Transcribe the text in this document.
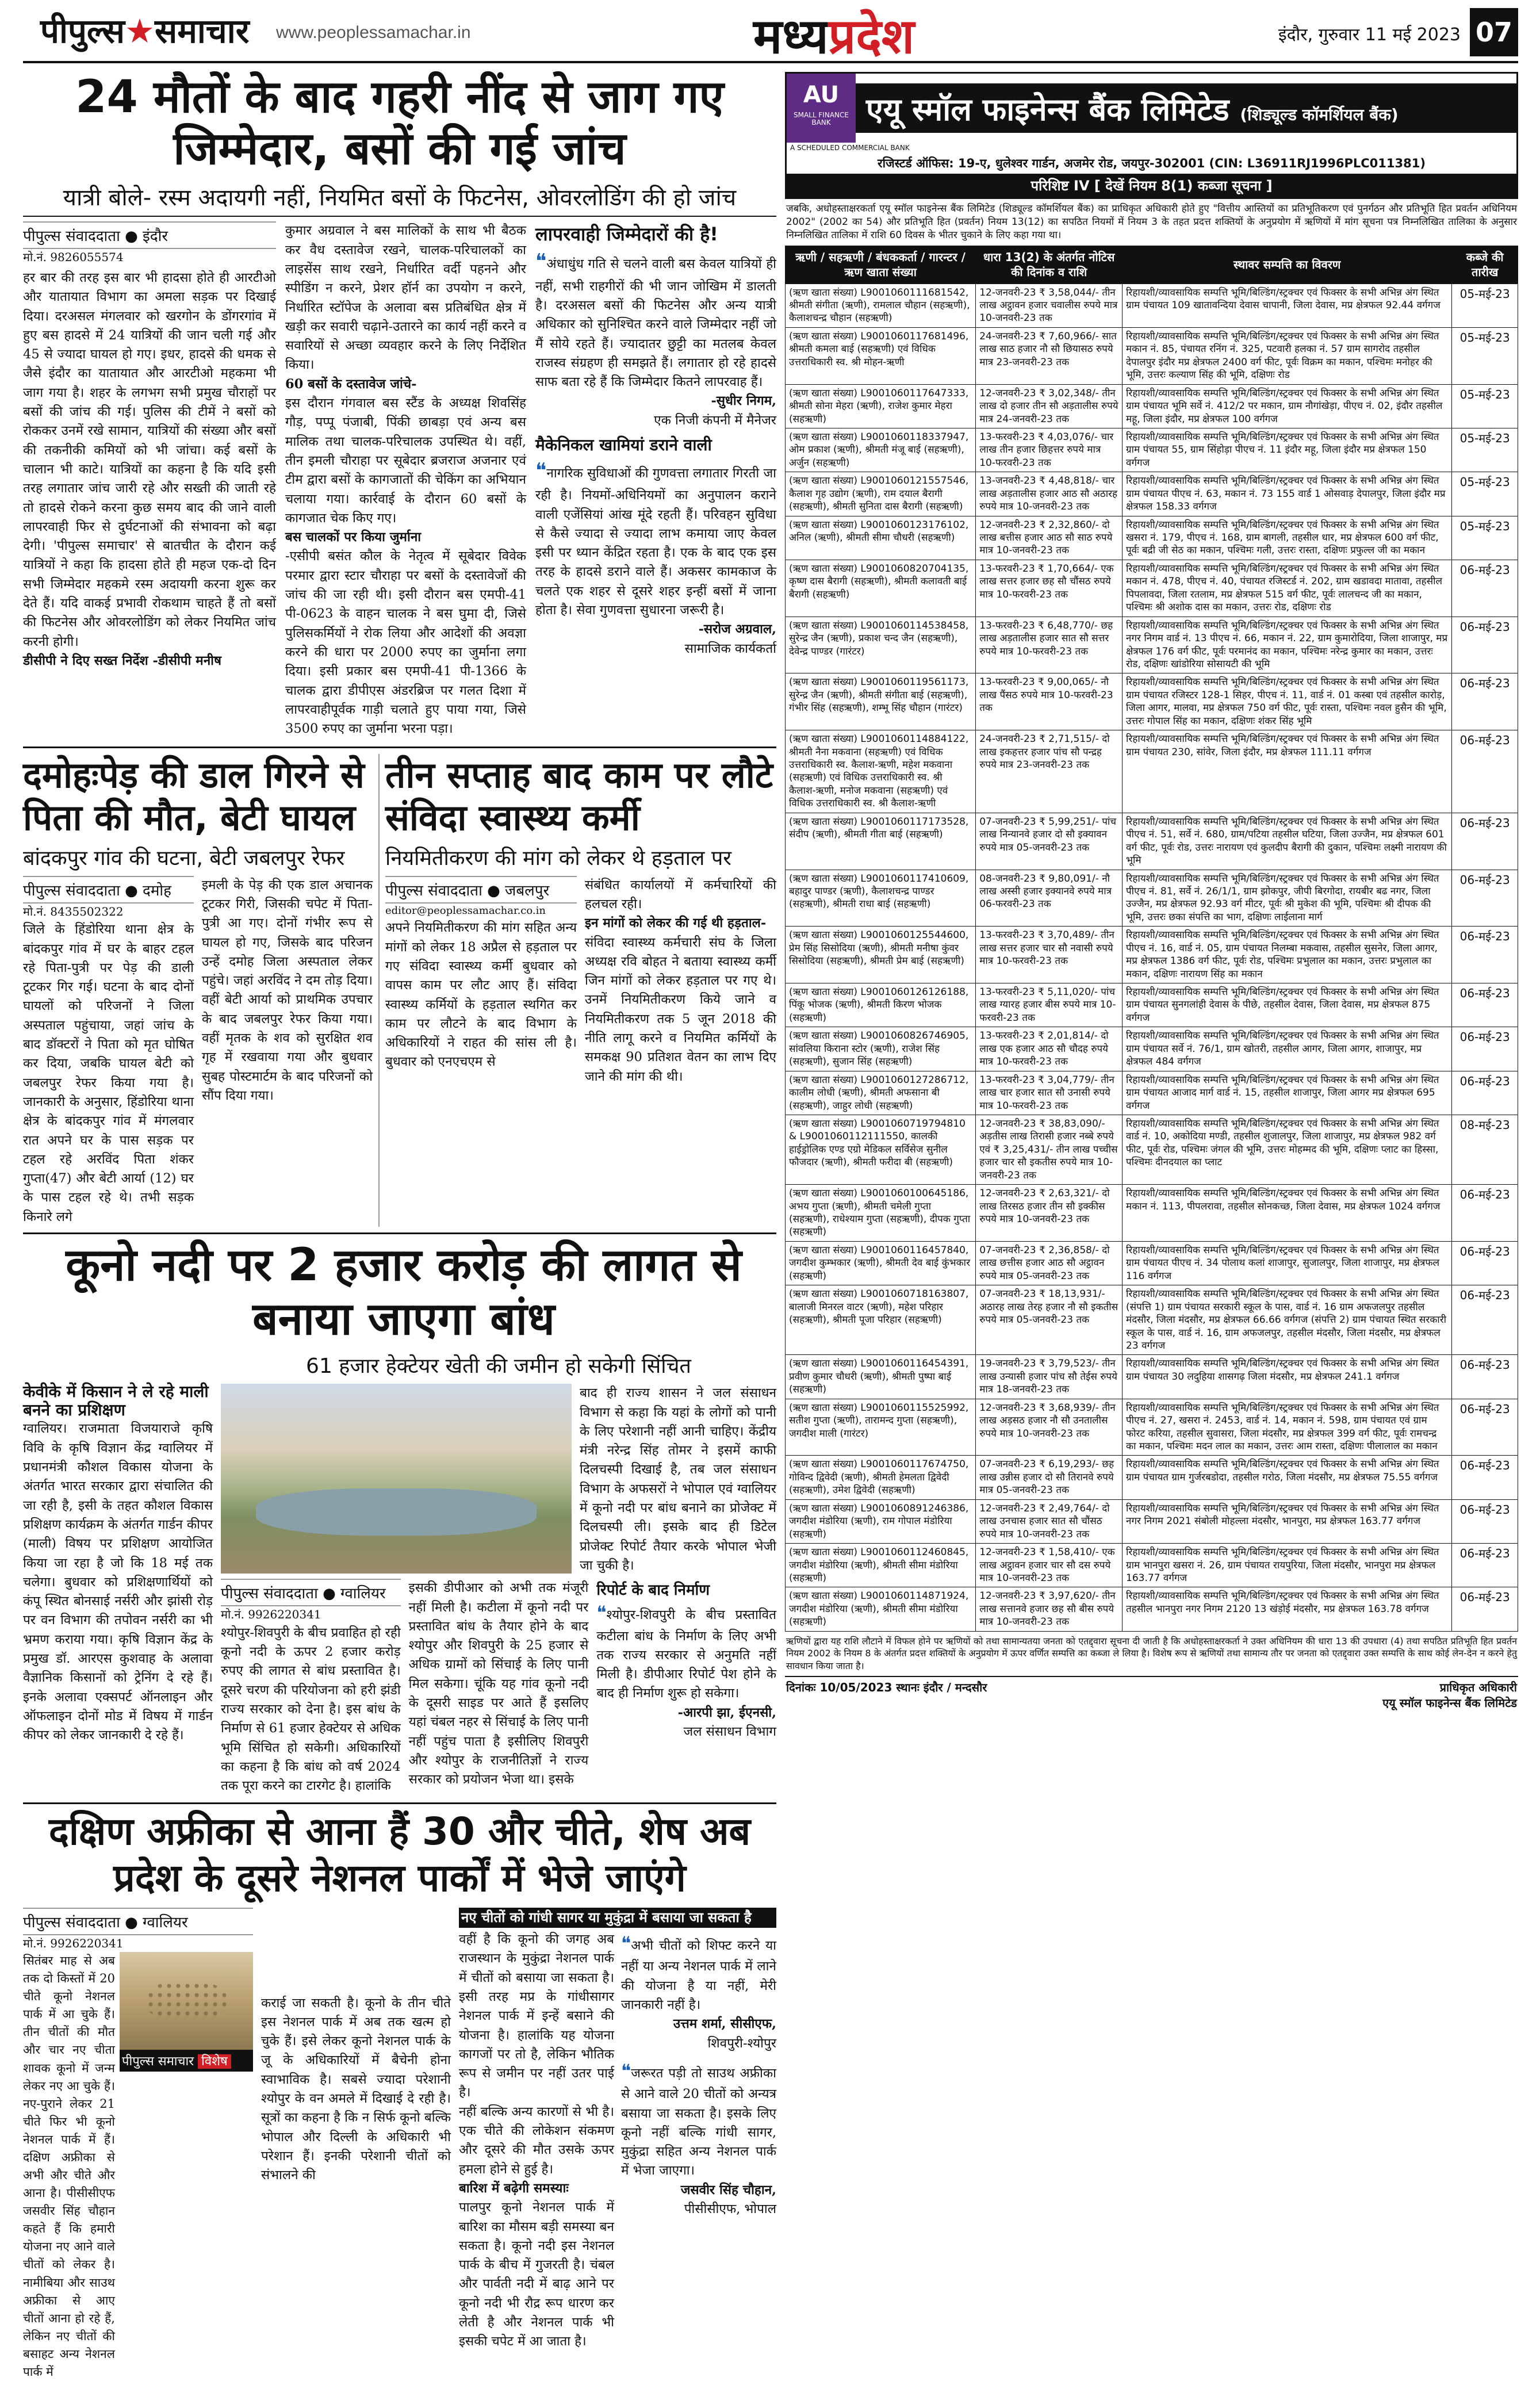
पीपुल्स★समाचार www.peoplessamachar.in	मध्यप्रदेश	इंदौर, गुरुवार 11 मई 2023 07
24 मौतों के बाद गहरी नींद से जाग गए जिम्मेदार, बसों की गई जांच
यात्री बोले- रस्म अदायगी नहीं, नियमित बसों के फिटनेस, ओवरलोडिंग की हो जांच
पीपुल्स संवाददाता ● इंदौर
मो.नं. 9826055574
हर बार की तरह इस बार भी हादसा होते ही आरटीओ और यातायात विभाग का अमला सड़क पर दिखाई दिया। दरअसल मंगलवार को खरगोन के डोंगरगांव में हुए बस हादसे में 24 यात्रियों की जान चली गई और 45 से ज्यादा घायल हो गए। इधर, हादसे की धमक से जैसे इंदौर का यातायात और आरटीओ महकमा भी जाग गया है। शहर के लगभग सभी प्रमुख चौराहों पर बसों की जांच की गई। पुलिस की टीमें ने बसों को रोककर उनमें रखे सामान, यात्रियों की संख्या और बसों की तकनीकी कमियों को भी जांचा। कई बसों के चालान भी काटे। यात्रियों का कहना है कि यदि इसी तरह लगातार जांच जारी रहे और सख्ती की जाती रहे तो हादसे रोकने करना कुछ समय बाद की जाने वाली लापरवाही फिर से दुर्घटनाओं की संभावना को बढ़ा देगी। 'पीपुल्स समाचार' से बातचीत के दौरान कई यात्रियों ने कहा कि हादसा होते ही महज एक-दो दिन सभी जिम्मेदार महकमे रस्म अदायगी करना शुरू कर देते हैं। यदि वाकई प्रभावी रोकथाम चाहते हैं तो बसों की फिटनेस और ओवरलोडिंग को लेकर नियमित जांच करनी होगी।
डीसीपी ने दिए सख्त निर्देश -डीसीपी मनीष
कुमार अग्रवाल ने बस मालिकों के साथ भी बैठक कर वैध दस्तावेज रखने, चालक-परिचालकों का लाइसेंस साथ रखने, निर्धारित वर्दी पहनने और स्पीडिंग न करने, प्रेशर हॉर्न का उपयोग न करने, निर्धारित स्टॉपेज के अलावा बस प्रतिबंधित क्षेत्र में खड़ी कर सवारी चढ़ाने-उतारने का कार्य नहीं करने व सवारियों से अच्छा व्यवहार करने के लिए निर्देशित किया।
60 बसों के दस्तावेज जांचे-
इस दौरान गंगवाल बस स्टैंड के अध्यक्ष शिवसिंह गौड़, पप्पू पंजाबी, पिंकी छाबड़ा एवं अन्य बस मालिक तथा चालक-परिचालक उपस्थित थे। वहीं, तीन इमली चौराहा पर सूबेदार ब्रजराज अजनार एवं टीम द्वारा बसों के कागजातों की चेकिंग का अभियान चलाया गया। कार्रवाई के दौरान 60 बसों के कागजात चेक किए गए।
बस चालकों पर किया जुर्माना
-एसीपी बसंत कौल के नेतृत्व में सूबेदार विवेक परमार द्वारा स्टार चौराहा पर बसों के दस्तावेजों की जांच की जा रही थी। इसी दौरान बस एमपी-41 पी-0623 के वाहन चालक ने बस घुमा दी, जिसे पुलिसकर्मियों ने रोक लिया और आदेशों की अवज्ञा करने की धारा पर 2000 रुपए का जुर्माना लगा दिया। इसी प्रकार बस एमपी-41 पी-1366 के चालक द्वारा डीपीएस अंडरब्रिज पर गलत दिशा में लापरवाहीपूर्वक गाड़ी चलाते हुए पाया गया, जिसे 3500 रुपए का जुर्माना भरना पड़ा।
लापरवाही जिम्मेदारों की है!
❝अंधाधुंध गति से चलने वाली बस केवल यात्रियों ही नहीं, सभी राहगीरों की भी जान जोखिम में डालती है। दरअसल बसों की फिटनेस और अन्य यात्री अधिकार को सुनिश्चित करने वाले जिम्मेदार नहीं जो मैं सोये रहते हैं। ज्यादातर छुट्टी का मतलब केवल राजस्व संग्रहण ही समझते हैं। लगातार हो रहे हादसे साफ बता रहे हैं कि जिम्मेदार कितने लापरवाह हैं।
-सुधीर निगम,
एक निजी कंपनी में मैनेजर
मैकेनिकल खामियां डराने वाली
❝नागरिक सुविधाओं की गुणवत्ता लगातार गिरती जा रही है। नियमों-अधिनियमों का अनुपालन कराने वाली एजेंसियां आंख मूंदे रहती हैं। परिवहन सुविधा से कैसे ज्यादा से ज्यादा लाभ कमाया जाए केवल इसी पर ध्यान केंद्रित रहता है। एक के बाद एक इस तरह के हादसे डराने वाले हैं। अकसर कामकाज के चलते एक शहर से दूसरे शहर इन्हीं बसों में जाना होता है। सेवा गुणवत्ता सुधारना जरूरी है।
-सरोज अग्रवाल,
सामाजिक कार्यकर्ता
दमोहःपेड़ की डाल गिरने से पिता की मौत, बेटी घायल
बांदकपुर गांव की घटना, बेटी जबलपुर रेफर
पीपुल्स संवाददाता ● दमोह
मो.नं. 8435502322
जिले के हिंडोरिया थाना क्षेत्र के बांदकपुर गांव में घर के बाहर टहल रहे पिता-पुत्री पर पेड़ की डाली टूटकर गिर गई। घटना के बाद दोनों घायलों को परिजनों ने जिला अस्पताल पहुंचाया, जहां जांच के बाद डॉक्टरों ने पिता को मृत घोषित कर दिया, जबकि घायल बेटी को जबलपुर रेफर किया गया है। जानकारी के अनुसार, हिंडोरिया थाना क्षेत्र के बांदकपुर गांव में मंगलवार रात अपने घर के पास सड़क पर टहल रहे अरविंद पिता शंकर गुप्ता(47) और बेटी आर्या (12) घर के पास टहल रहे थे। तभी सड़क किनारे लगे
इमली के पेड़ की एक डाल अचानक टूटकर गिरी, जिसकी चपेट में पिता-पुत्री आ गए। दोनों गंभीर रूप से घायल हो गए, जिसके बाद परिजन उन्हें दमोह जिला अस्पताल लेकर पहुंचे। जहां अरविंद ने दम तोड़ दिया। वहीं बेटी आर्या को प्राथमिक उपचार के बाद जबलपुर रेफर किया गया। वहीं मृतक के शव को सुरक्षित शव गृह में रखवाया गया और बुधवार सुबह पोस्टमार्टम के बाद परिजनों को सौंप दिया गया।
तीन सप्ताह बाद काम पर लौटे संविदा स्वास्थ्य कर्मी
नियमितीकरण की मांग को लेकर थे हड़ताल पर
पीपुल्स संवाददाता ● जबलपुर
editor@peoplessamachar.co.in
अपने नियमितीकरण की मांग सहित अन्य मांगों को लेकर 18 अप्रैल से हड़ताल पर गए संविदा स्वास्थ्य कर्मी बुधवार को वापस काम पर लौट आए हैं। संविदा स्वास्थ्य कर्मियों के हड़ताल स्थगित कर काम पर लौटने के बाद विभाग के अधिकारियों ने राहत की सांस ली है। बुधवार को एनएचएम से
संबंधित कार्यालयों में कर्मचारियों की हलचल रही।
इन मांगों को लेकर की गई थी हड़ताल-
संविदा स्वास्थ्य कर्मचारी संघ के जिला अध्यक्ष रवि बोहत ने बताया स्वास्थ्य कर्मी जिन मांगों को लेकर हड़ताल पर गए थे। उनमें नियमितीकरण किये जाने व नियमितीकरण तक 5 जून 2018 की नीति लागू करने व नियमित कर्मियों के समकक्ष 90 प्रतिशत वेतन का लाभ दिए जाने की मांग की थी।
केवीके में किसान ने ले रहे माली बनने का प्रशिक्षण
ग्वालियर। राजमाता विजयाराजे कृषि विवि के कृषि विज्ञान केंद्र ग्वालियर में प्रधानमंत्री कौशल विकास योजना के अंतर्गत भारत सरकार द्वारा संचालित की जा रही है, इसी के तहत कौशल विकास प्रशिक्षण कार्यक्रम के अंतर्गत गार्डन कीपर (माली) विषय पर प्रशिक्षण आयोजित किया जा रहा है जो कि 18 मई तक चलेगा। बुधवार को प्रशिक्षणार्थियों को कंपू स्थित बोनसाई नर्सरी और झांसी रोड़ पर वन विभाग की तपोवन नर्सरी का भी भ्रमण कराया गया। कृषि विज्ञान केंद्र के प्रमुख डॉ. आरएस कुशवाह के अलावा वैज्ञानिक किसानों को ट्रेनिंग दे रहे हैं। इनके अलावा एक्सपर्ट ऑनलाइन और ऑफलाइन दोनों मोड में विषय में गार्डन कीपर को लेकर जानकारी दे रहे हैं।
कूनो नदी पर 2 हजार करोड़ की लागत से बनाया जाएगा बांध
61 हजार हेक्टेयर खेती की जमीन हो सकेगी सिंचित
बाद ही राज्य शासन ने जल संसाधन विभाग से कहा कि यहां के लोगों को पानी के लिए परेशानी नहीं आनी चाहिए। केंद्रीय मंत्री नरेन्द्र सिंह तोमर ने इसमें काफी दिलचस्पी दिखाई है, तब जल संसाधन विभाग के अफसरों ने भोपाल एवं ग्वालियर में कूनो नदी पर बांध बनाने का प्रोजेक्ट में दिलचस्पी ली। इसके बाद ही डिटेल प्रोजेक्ट रिपोर्ट तैयार करके भोपाल भेजी जा चुकी है।
पीपुल्स संवाददाता ● ग्वालियर
मो.नं. 9926220341
श्योपुर-शिवपुरी के बीच प्रवाहित हो रही कूनो नदी के ऊपर 2 हजार करोड़ रुपए की लागत से बांध प्रस्तावित है। दूसरे चरण की परियोजना को हरी झंडी राज्य सरकार को देना है। इस बांध के निर्माण से 61 हजार हेक्टेयर से अधिक भूमि सिंचित हो सकेगी। अधिकारियों का कहना है कि बांध को वर्ष 2024 तक पूरा करने का टारगेट है। हालांकि
इसकी डीपीआर को अभी तक मंजूरी नहीं मिली है। कटीला में कूनो नदी पर प्रस्तावित बांध के तैयार होने के बाद श्योपुर और शिवपुरी के 25 हजार से अधिक ग्रामों को सिंचाई के लिए पानी मिल सकेगा। चूंकि यह गांव कूनो नदी के दूसरी साइड पर आते हैं इसलिए यहां चंबल नहर से सिंचाई के लिए पानी नहीं पहुंच पाता है इसीलिए शिवपुरी और श्योपुर के राजनीतिज्ञों ने राज्य सरकार को प्रयोजन भेजा था। इसके
रिपोर्ट के बाद निर्माण
❝श्योपुर-शिवपुरी के बीच प्रस्तावित कटीला बांध के निर्माण के लिए अभी तक राज्य सरकार से अनुमति नहीं मिली है। डीपीआर रिपोर्ट पेश होने के बाद ही निर्माण शुरू हो सकेगा।
-आरपी झा, ईएनसी,
जल संसाधन विभाग
दक्षिण अफ्रीका से आना हैं 30 और चीते, शेष अब प्रदेश के दूसरे नेशनल पार्कों में भेजे जाएंगे
पीपुल्स संवाददाता ● ग्वालियर
मो.नं. 9926220341
सितंबर माह से अब तक दो किस्तों में 20 चीते कूनो नेशनल पार्क में आ चुके हैं। तीन चीतों की मौत और चार नए चीता शावक कूनो में जन्म लेकर नए आ चुके हैं। नए-पुराने लेकर 21 चीते फिर भी कूनो नेशनल पार्क में हैं। दक्षिण अफ्रीका से अभी और चीते और आना है। पीसीसीएफ जसवीर सिंह चौहान कहते हैं कि हमारी योजना नए आने वाले चीतों को लेकर है। नामीबिया और साउथ अफ्रीका से आए चीतों आना हो रहे हैं, लेकिन नए चीतों की बसाहट अन्य नेशनल पार्क में
पीपुल्स समाचार विशेष
कराई जा सकती है। कूनो के तीन चीते इस नेशनल पार्क में अब तक खत्म हो चुके हैं। इसे लेकर कूनो नेशनल पार्क के जू के अधिकारियों में बैचेनी होना स्वाभाविक है। सबसे ज्यादा परेशानी श्योपुर के वन अमले में दिखाई दे रही है। सूत्रों का कहना है कि न सिर्फ कूनो बल्कि भोपाल और दिल्ली के अधिकारी भी परेशान हैं। इनकी परेशानी चीतों को संभालने की
नए चीतों को गांधी सागर या मुकुंद्रा में बसाया जा सकता है
वहीं है कि कूनो की जगह अब राजस्थान के मुकुंद्रा नेशनल पार्क में चीतों को बसाया जा सकता है। इसी तरह मप्र के गांधीसागर नेशनल पार्क में इन्हें बसाने की योजना है। हालांकि यह योजना कागजों पर तो है, लेकिन भौतिक रूप से जमीन पर नहीं उतर पाई है।
नहीं बल्कि अन्य कारणों से भी है। एक चीते की लोकेशन संकमण और दूसरे की मौत उसके ऊपर हमला होने से हुई है।
बारिश में बढ़ेगी समस्याः
पालपुर कूनो नेशनल पार्क में बारिश का मौसम बड़ी समस्या बन सकता है। कूनो नदी इस नेशनल पार्क के बीच में गुजरती है। चंबल और पार्वती नदी में बाढ़ आने पर कूनो नदी भी रौद्र रूप धारण कर लेती है और नेशनल पार्क भी इसकी चपेट में आ जाता है।
❝अभी चीतों को शिफ्ट करने या नहीं या अन्य नेशनल पार्क में लाने की योजना है या नहीं, मेरी जानकारी नहीं है।
उत्तम शर्मा, सीसीएफ,
शिवपुरी-श्योपुर
❝जरूरत पड़ी तो साउथ अफ्रीका से आने वाले 20 चीतों को अन्यत्र बसाया जा सकता है। इसके लिए कूनो नहीं बल्कि गांधी सागर, मुकुंद्रा सहित अन्य नेशनल पार्क में भेजा जाएगा।
जसवीर सिंह चौहान,
पीसीसीएफ, भोपाल
AU
SMALL FINANCE BANK	एयू स्मॉल फाइनेन्स बैंक लिमिटेड (शिड्यूल्ड कॉमर्शियल बैंक)
A SCHEDULED COMMERCIAL BANK
रजिस्टर्ड ऑफिस: 19-ए, धुलेश्वर गार्डन, अजमेर रोड, जयपुर-302001 (CIN: L36911RJ1996PLC011381)
परिशिष्ट IV [ देखें नियम 8(1) कब्जा सूचना ]
जबकि, अधोहस्ताक्षरकर्ता एयू स्मॉल फाइनेन्स बैंक लिमिटेड (शिड्यूल्ड कॉमर्शियल बैंक) का प्राधिकृत अधिकारी होते हुए "वित्तीय आस्तियों का प्रतिभूतिकरण एवं पुनर्गठन और प्रतिभूति हित प्रवर्तन अधिनियम 2002" (2002 का 54) और प्रतिभूति हित (प्रवर्तन) नियम 13(12) का सपठित नियमों में नियम 3 के तहत प्रदत्त शक्तियों के अनुप्रयोग में ऋणियों में मांग सूचना पत्र निम्नलिखित तालिका के अनुसार निम्नलिखित तालिका में राशि 60 दिवस के भीतर चुकाने के लिए कहा गया था।
ऋणी / सहऋणी / बंधककर्ता / गारन्टर / ऋण खाता संख्या	धारा 13(2) के अंतर्गत नोटिस की दिनांक व राशि	स्थावर सम्पत्ति का विवरण	कब्जे की तारीख
(ऋण खाता संख्या) L9001060111681542, श्रीमती संगीता (ऋणी), रामलाल चौहान (सहऋणी), कैलाशचन्द्र चौहान (सहऋणी)	12-जनवरी-23 ₹ 3,58,044/- तीन लाख अट्ठावन हजार चवालीस रुपये मात्र 10-जनवरी-23 तक	रिहायशी/व्यावसायिक सम्पत्ति भूमि/बिल्डिंग/स्ट्रक्चर एवं फिक्सर के सभी अभिन्न अंग स्थित ग्राम पंचायत 109 खातावन्दिया देवास चापानी, जिला देवास, मप्र क्षेत्रफल 92.44 वर्गगज	05-मई-23
(ऋण खाता संख्या) L9001060117681496, श्रीमती कमला बाई (सहऋणी) एवं विधिक उत्तराधिकारी स्व. श्री मोहन-ऋणी	24-जनवरी-23 ₹ 7,60,966/- सात लाख साठ हजार नौ सौ छियासठ रुपये मात्र 23-जनवरी-23 तक	रिहायशी/व्यावसायिक सम्पत्ति भूमि/बिल्डिंग/स्ट्रक्चर एवं फिक्सर के सभी अभिन्न अंग स्थित मकान नं. 85, पंचायत रनिंग नं. 325, पटवारी हलका नं. 57 ग्राम सागरोद तहसील देपालपुर इंदौर मप्र क्षेत्रफल 2400 वर्ग फीट, पूर्वः विक्रम का मकान, पश्चिमः मनोहर की भूमि, उत्तरः कल्याण सिंह की भूमि, दक्षिणः रोड	05-मई-23
(ऋण खाता संख्या) L9001060117647333, श्रीमती सोना मेहरा (ऋणी), राजेश कुमार मेहरा (सहऋणी)	12-जनवरी-23 ₹ 3,02,348/- तीन लाख दो हजार तीन सौ अड़तालीस रुपये मात्र 24-जनवरी-23 तक	रिहायशी/व्यावसायिक सम्पत्ति भूमि/बिल्डिंग/स्ट्रक्चर एवं फिक्सर के सभी अभिन्न अंग स्थित ग्राम पंचायत भूमि सर्वे नं. 412/2 पर मकान, ग्राम नौगांखेड़ा, पीएच नं. 02, इंदौर तहसील महू, जिला इंदौर, मप्र क्षेत्रफल 100 वर्गगज	05-मई-23
(ऋण खाता संख्या) L9001060118337947, ओम प्रकाश (ऋणी), श्रीमती मंजू बाई (सहऋणी), अर्जुन (सहऋणी)	13-फरवरी-23 ₹ 4,03,076/- चार लाख तीन हजार छिहत्तर रुपये मात्र 10-फरवरी-23 तक	रिहायशी/व्यावसायिक सम्पत्ति भूमि/बिल्डिंग/स्ट्रक्चर एवं फिक्सर के सभी अभिन्न अंग स्थित ग्राम पंचायत 55, ग्राम सिंहोड़ा पीएच नं. 11 इंदौर महू, जिला इंदौर मप्र क्षेत्रफल 150 वर्गगज	05-मई-23
(ऋण खाता संख्या) L9001060121557546, कैलाश गृह उद्योग (ऋणी), राम दयाल बैरागी (सहऋणी), श्रीमती सुनिता दास बैरागी (सहऋणी)	13-जनवरी-23 ₹ 4,48,818/- चार लाख अड़तालीस हजार आठ सौ अठारह रुपये मात्र 10-जनवरी-23 तक	रिहायशी/व्यावसायिक सम्पत्ति भूमि/बिल्डिंग/स्ट्रक्चर एवं फिक्सर के सभी अभिन्न अंग स्थित ग्राम पंचायत पीएच नं. 63, मकान नं. 73 155 वार्ड 1 ओसवाड़ देपालपुर, जिला इंदौर मप्र क्षेत्रफल 158.33 वर्गगज	05-मई-23
(ऋण खाता संख्या) L9001060123176102, अनिल (ऋणी), श्रीमती सीमा चौधरी (सहऋणी)	12-जनवरी-23 ₹ 2,32,860/- दो लाख बत्तीस हजार आठ सौ साठ रुपये मात्र 10-जनवरी-23 तक	रिहायशी/व्यावसायिक सम्पत्ति भूमि/बिल्डिंग/स्ट्रक्चर एवं फिक्सर के सभी अभिन्न अंग स्थित खसरा नं. 179, पीएच नं. 168, ग्राम बागली, तहसील धार, मप्र क्षेत्रफल 600 वर्ग फीट, पूर्वः बद्री जी सेठ का मकान, पश्चिमः गली, उत्तरः रास्ता, दक्षिणः प्रफुल्ल जी का मकान	05-मई-23
(ऋण खाता संख्या) L9001060820704135, कृष्ण दास बैरागी (सहऋणी), श्रीमती कलावती बाई बैरागी (सहऋणी)	13-फरवरी-23 ₹ 1,70,664/- एक लाख सत्तर हजार छह सौ चौंसठ रुपये मात्र 10-फरवरी-23 तक	रिहायशी/व्यावसायिक सम्पत्ति भूमि/बिल्डिंग/स्ट्रक्चर एवं फिक्सर के सभी अभिन्न अंग स्थित मकान नं. 478, पीएच नं. 40, पंचायत रजिस्टर्ड नं. 202, ग्राम खडावदा मातावा, तहसील पिपलावदा, जिला रतलाम, मप्र क्षेत्रफल 515 वर्ग फीट, पूर्वः लालचन्द जी का मकान, पश्चिमः श्री अशोक दास का मकान, उत्तरः रोड, दक्षिणः रोड	06-मई-23
(ऋण खाता संख्या) L9001060114538458, सुरेन्द्र जैन (ऋणी), प्रकाश चन्द जैन (सहऋणी), देवेन्द्र पाण्डर (गारंटर)	13-फरवरी-23 ₹ 6,48,770/- छह लाख अड़तालीस हजार सात सौ सत्तर रुपये मात्र 10-फरवरी-23 तक	रिहायशी/व्यावसायिक सम्पत्ति भूमि/बिल्डिंग/स्ट्रक्चर एवं फिक्सर के सभी अभिन्न अंग स्थित नगर निगम वार्ड नं. 13 पीएच नं. 66, मकान नं. 22, ग्राम कुमारोदिया, जिला शाजापुर, मप्र क्षेत्रफल 176 वर्ग फीट, पूर्वः परमानंद का मकान, पश्चिमः नरेन्द्र कुमार का मकान, उत्तरः रोड, दक्षिणः खांडोरिया सोसायटी की भूमि	06-मई-23
(ऋण खाता संख्या) L9001060119561173, सुरेन्द्र जैन (ऋणी), श्रीमती संगीता बाई (सहऋणी), गंभीर सिंह (सहऋणी), शम्भू सिंह चौहान (गारंटर)	13-फरवरी-23 ₹ 9,00,065/- नौ लाख पैंसठ रुपये मात्र 10-फरवरी-23 तक	रिहायशी/व्यावसायिक सम्पत्ति भूमि/बिल्डिंग/स्ट्रक्चर एवं फिक्सर के सभी अभिन्न अंग स्थित ग्राम पंचायत रजिस्टर 128-1 सिहर, पीएच नं. 11, वार्ड नं. 01 कस्बा एवं तहसील कारोड़, जिला आगर, मालवा, मप्र क्षेत्रफल 750 वर्ग फीट, पूर्वः रास्ता, पश्चिमः नवल हुसैन की भूमि, उत्तरः गोपाल सिंह का मकान, दक्षिणः शंकर सिंह भूमि	06-मई-23
(ऋण खाता संख्या) L9001060114884122, श्रीमती नैना मकवाना (सहऋणी) एवं विधिक उत्तराधिकारी स्व. कैलाश-ऋणी, महेश मकवाना (सहऋणी) एवं विधिक उत्तराधिकारी स्व. श्री कैलाश-ऋणी, मनोज मकवाना (सहऋणी) एवं विधिक उत्तराधिकारी स्व. श्री कैलाश-ऋणी	24-जनवरी-23 ₹ 2,71,515/- दो लाख इकहत्तर हजार पांच सौ पन्द्रह रुपये मात्र 23-जनवरी-23 तक	रिहायशी/व्यावसायिक सम्पत्ति भूमि/बिल्डिंग/स्ट्रक्चर एवं फिक्सर के सभी अभिन्न अंग स्थित ग्राम पंचायत 230, सांवेर, जिला इंदौर, मप्र क्षेत्रफल 111.11 वर्गगज	06-मई-23
(ऋण खाता संख्या) L9001060117173528, संदीप (ऋणी), श्रीमती गीता बाई (सहऋणी)	07-जनवरी-23 ₹ 5,99,251/- पांच लाख निन्यानवे हजार दो सौ इक्यावन रुपये मात्र 05-जनवरी-23 तक	रिहायशी/व्यावसायिक सम्पत्ति भूमि/बिल्डिंग/स्ट्रक्चर एवं फिक्सर के सभी अभिन्न अंग स्थित पीएच नं. 51, सर्वे नं. 680, ग्राम/पटिया तहसील घटिया, जिला उज्जैन, मप्र क्षेत्रफल 601 वर्ग फीट, पूर्वः रोड, उत्तरः नारायण एवं कुलदीप बैरागी की दुकान, पश्चिमः लक्ष्मी नारायण की भूमि	06-मई-23
(ऋण खाता संख्या) L9001060117410609, बहादुर पाण्डर (ऋणी), कैलाशचन्द्र पाण्डर (सहऋणी), श्रीमती राधा बाई (सहऋणी)	08-जनवरी-23 ₹ 9,80,091/- नौ लाख अस्सी हजार इक्यानवे रुपये मात्र 06-फरवरी-23 तक	रिहायशी/व्यावसायिक सम्पत्ति भूमि/बिल्डिंग/स्ट्रक्चर एवं फिक्सर के सभी अभिन्न अंग स्थित पीएच नं. 81, सर्वे नं. 26/1/1, ग्राम झोकपुर, जीपी बिरगोदा, रायबीर बढ नगर, जिला उज्जैन, मप्र क्षेत्रफल 92.93 वर्ग मीटर, पूर्वः श्री मुकेश की भूमि, पश्चिमः श्री दीपक की भूमि, उत्तरः छका संपत्ति का भाग, दक्षिणः लाईलाना मार्ग	06-मई-23
(ऋण खाता संख्या) L9001060125544600, प्रेम सिंह सिसोदिया (ऋणी), श्रीमती मनीषा कुंवर सिसोदिया (सहऋणी), श्रीमती प्रेम बाई (सहऋणी)	13-फरवरी-23 ₹ 3,70,489/- तीन लाख सत्तर हजार चार सौ नवासी रुपये मात्र 10-फरवरी-23 तक	रिहायशी/व्यावसायिक सम्पत्ति भूमि/बिल्डिंग/स्ट्रक्चर एवं फिक्सर के सभी अभिन्न अंग स्थित पीएच नं. 16, वार्ड नं. 05, ग्राम पंचायत निलम्बा मकवास, तहसील सुसनेर, जिला आगर, मप्र क्षेत्रफल 1386 वर्ग फीट, पूर्वः रोड, पश्चिमः प्रभुलाल का मकान, उत्तरः प्रभुलाल का मकान, दक्षिणः नारायण सिंह का मकान	06-मई-23
(ऋण खाता संख्या) L9001060126126188, पिंकू भोजक (ऋणी), श्रीमती किरण भोजक (सहऋणी)	13-फरवरी-23 ₹ 5,11,020/- पांच लाख ग्यारह हजार बीस रुपये मात्र 10-फरवरी-23 तक	रिहायशी/व्यावसायिक सम्पत्ति भूमि/बिल्डिंग/स्ट्रक्चर एवं फिक्सर के सभी अभिन्न अंग स्थित ग्राम पंचायत सुनगलांही देवास के पीछे, तहसील देवास, जिला देवास, मप्र क्षेत्रफल 875 वर्गगज	06-मई-23
(ऋण खाता संख्या) L9001060826746905, सांवलिया किराना स्टोर (ऋणी), राजेश सिंह (सहऋणी), सुजान सिंह (सहऋणी)	13-फरवरी-23 ₹ 2,01,814/- दो लाख एक हजार आठ सौ चौदह रुपये मात्र 10-फरवरी-23 तक	रिहायशी/व्यावसायिक सम्पत्ति भूमि/बिल्डिंग/स्ट्रक्चर एवं फिक्सर के सभी अभिन्न अंग स्थित ग्राम पंचायत सर्वे नं. 76/1, ग्राम खोतरी, तहसील आगर, जिला आगर, शाजापुर, मप्र क्षेत्रफल 484 वर्गगज	06-मई-23
(ऋण खाता संख्या) L9001060127286712, कालीम लोधी (ऋणी), श्रीमती अफसाना बी (सहऋणी), जाहुर लोधी (सहऋणी)	13-फरवरी-23 ₹ 3,04,779/- तीन लाख चार हजार सात सौ उनासी रुपये मात्र 10-फरवरी-23 तक	रिहायशी/व्यावसायिक सम्पत्ति भूमि/बिल्डिंग/स्ट्रक्चर एवं फिक्सर के सभी अभिन्न अंग स्थित ग्राम पंचायत आजाद मार्ग वार्ड नं. 15, तहसील शाजापुर, जिला आगर मप्र क्षेत्रफल 695 वर्गगज	06-मई-23
(ऋण खाता संख्या) L9001060719794810 & L9001060112111550, कालकी हाईड्रोलिक एण्ड एग्रो मेडिकल सर्विसेज सुनील फौजदार (ऋणी), श्रीमती फरीदा बी (सहऋणी)	12-जनवरी-23 ₹ 38,83,090/- अड़तीस लाख तिरासी हजार नब्बे रुपये एवं ₹ 3,25,431/- तीन लाख पच्चीस हजार चार सौ इकतीस रुपये मात्र 10-जनवरी-23 तक	रिहायशी/व्यावसायिक सम्पत्ति भूमि/बिल्डिंग/स्ट्रक्चर एवं फिक्सर के सभी अभिन्न अंग स्थित वार्ड नं. 10, अकोदिया मण्डी, तहसील शुजालपुर, जिला शाजापुर, मप्र क्षेत्रफल 982 वर्ग फीट, पूर्वः रोड, पश्चिमः जंगल की भूमि, उत्तरः मोहम्मद की भूमि, दक्षिणः प्लाट का हिस्सा, पश्चिमः दीनदयाल का प्लाट	08-मई-23
(ऋण खाता संख्या) L9001060100645186, अभय गुप्ता (ऋणी), श्रीमती चमेली गुप्ता (सहऋणी), राधेश्याम गुप्ता (सहऋणी), दीपक गुप्ता (सहऋणी)	12-जनवरी-23 ₹ 2,63,321/- दो लाख तिरसठ हजार तीन सौ इक्कीस रुपये मात्र 10-जनवरी-23 तक	रिहायशी/व्यावसायिक सम्पत्ति भूमि/बिल्डिंग/स्ट्रक्चर एवं फिक्सर के सभी अभिन्न अंग स्थित मकान नं. 113, पीपलरावा, तहसील सोनकच्छ, जिला देवास, मप्र क्षेत्रफल 1024 वर्गगज	06-मई-23
(ऋण खाता संख्या) L9001060116457840, जगदीश कुम्भकार (ऋणी), श्रीमती देव बाई कुंभकार (सहऋणी)	07-जनवरी-23 ₹ 2,36,858/- दो लाख छत्तीस हजार आठ सौ अट्ठावन रुपये मात्र 05-जनवरी-23 तक	रिहायशी/व्यावसायिक सम्पत्ति भूमि/बिल्डिंग/स्ट्रक्चर एवं फिक्सर के सभी अभिन्न अंग स्थित ग्राम पंचायत पीएच नं. 34 पोलाथ कलां शाजापुर, सुजालपुर, जिला शाजापुर, मप्र क्षेत्रफल 116 वर्गगज	06-मई-23
(ऋण खाता संख्या) L9001060718163807, बालाजी मिनरल वाटर (ऋणी), महेश परिहार (सहऋणी), श्रीमती पूजा परिहार (सहऋणी)	07-जनवरी-23 ₹ 18,13,931/- अठारह लाख तेरह हजार नौ सौ इकतीस रुपये मात्र 05-जनवरी-23 तक	रिहायशी/व्यावसायिक सम्पत्ति भूमि/बिल्डिंग/स्ट्रक्चर एवं फिक्सर के सभी अभिन्न अंग स्थित (संपत्ति 1) ग्राम पंचायत सरकारी स्कूल के पास, वार्ड नं. 16 ग्राम अफजलपुर तहसील मंदसौर, जिला मंदसौर, मप्र क्षेत्रफल 66.66 वर्गगज (संपत्ति 2) ग्राम पंचायत स्थित सरकारी स्कूल के पास, वार्ड नं. 16, ग्राम अफजलपुर, तहसील मंदसौर, जिला मंदसौर, मप्र क्षेत्रफल 23 वर्गगज	06-मई-23
(ऋण खाता संख्या) L9001060116454391, प्रवीण कुमार चौधरी (ऋणी), श्रीमती पुष्पा बाई (सहऋणी)	19-जनवरी-23 ₹ 3,79,523/- तीन लाख उन्यासी हजार पांच सौ तेईस रुपये मात्र 18-जनवरी-23 तक	रिहायशी/व्यावसायिक सम्पत्ति भूमि/बिल्डिंग/स्ट्रक्चर एवं फिक्सर के सभी अभिन्न अंग स्थित ग्राम पंचायत 30 लदुहिया शासगढ़ जिला मंदसौर, मप्र क्षेत्रफल 241.1 वर्गगज	06-मई-23
(ऋण खाता संख्या) L9001060115525992, सतीश गुप्ता (ऋणी), तारामन्द गुप्ता (सहऋणी), जगदीश माली (गारंटर)	12-जनवरी-23 ₹ 3,68,939/- तीन लाख अड़सठ हजार नौ सौ उनतालीस रुपये मात्र 10-जनवरी-23 तक	रिहायशी/व्यावसायिक सम्पत्ति भूमि/बिल्डिंग/स्ट्रक्चर एवं फिक्सर के सभी अभिन्न अंग स्थित पीएच नं. 27, खसरा नं. 2453, वार्ड नं. 14, मकान नं. 598, ग्राम पंचायत एवं ग्राम फोरट करिया, तहसील सुवासरा, जिला मंदसौर, मप्र क्षेत्रफल 399 वर्ग फीट, पूर्वः रामचन्द्र का मकान, पश्चिमः मदन लाल का मकान, उत्तरः आम रास्ता, दक्षिणः पीलालाल का मकान	06-मई-23
(ऋण खाता संख्या) L9001060117674750, गोविन्द द्विवेदी (ऋणी), श्रीमती हेमलता द्विवेदी (सहऋणी), उमेश द्विवेदी (सहऋणी)	07-जनवरी-23 ₹ 6,19,293/- छह लाख उन्नीस हजार दो सौ तिरानवे रुपये मात्र 05-जनवरी-23 तक	रिहायशी/व्यावसायिक सम्पत्ति भूमि/बिल्डिंग/स्ट्रक्चर एवं फिक्सर के सभी अभिन्न अंग स्थित ग्राम पंचायत ग्राम गुर्जरबडोदा, तहसील गरोठ, जिला मंदसौर, मप्र क्षेत्रफल 75.55 वर्गगज	06-मई-23
(ऋण खाता संख्या) L9001060891246386, जगदीश मंडोरिया (ऋणी), राम गोपाल मंडोरिया (सहऋणी)	12-जनवरी-23 ₹ 2,49,764/- दो लाख उनचास हजार सात सौ चौंसठ रुपये मात्र 10-जनवरी-23 तक	रिहायशी/व्यावसायिक सम्पत्ति भूमि/बिल्डिंग/स्ट्रक्चर एवं फिक्सर के सभी अभिन्न अंग स्थित नगर निगम 2021 संबोली मोहल्ला मंदसौर, भानपुरा, मप्र क्षेत्रफल 163.77 वर्गगज	06-मई-23
(ऋण खाता संख्या) L9001060112460845, जगदीश मंडोरिया (ऋणी), श्रीमती सीमा मंडोरिया (सहऋणी)	12-जनवरी-23 ₹ 1,58,410/- एक लाख अट्ठावन हजार चार सौ दस रुपये मात्र 10-जनवरी-23 तक	रिहायशी/व्यावसायिक सम्पत्ति भूमि/बिल्डिंग/स्ट्रक्चर एवं फिक्सर के सभी अभिन्न अंग स्थित ग्राम भानपुरा खसरा नं. 26, ग्राम पंचायत रायपुरिया, जिला मंदसौर, भानपुरा मप्र क्षेत्रफल 163.77 वर्गगज	06-मई-23
(ऋण खाता संख्या) L9001060114871924, जगदीश मंडोरिया (ऋणी), श्रीमती सीमा मंडोरिया (सहऋणी)	12-जनवरी-23 ₹ 3,97,620/- तीन लाख सत्तानवे हजार छह सौ बीस रुपये मात्र 10-जनवरी-23 तक	रिहायशी/व्यावसायिक सम्पत्ति भूमि/बिल्डिंग/स्ट्रक्चर एवं फिक्सर के सभी अभिन्न अंग स्थित तहसील भानपुरा नगर निगम 2120 13 खंड़ोई मंदसौर, मप्र क्षेत्रफल 163.78 वर्गगज	06-मई-23
ऋणियों द्वारा यह राशि लौटाने में विफल होने पर ऋणियों को तथा सामान्यतया जनता को एतद्द्वारा सूचना दी जाती है कि अधोहस्ताक्षरकर्ता ने उक्त अधिनियम की धारा 13 की उपधारा (4) तथा सपठित प्रतिभूति हित प्रवर्तन नियम 2002 के नियम 8 के अंतर्गत प्रदत्त शक्तियों के अनुप्रयोग में ऊपर वर्णित सम्पत्ति का कब्जा ले लिया है। विशेष रूप से ऋणियों तथा सामान्य तौर पर जनता को एतद्द्वारा उक्त सम्पत्ति के साथ कोई लेन-देन न करने हेतु सावधान किया जाता है।
दिनांकः 10/05/2023 स्थानः इंदौर / मन्दसौर	प्राधिकृत अधिकारी
एयू स्मॉल फाइनेन्स बैंक लिमिटेड
